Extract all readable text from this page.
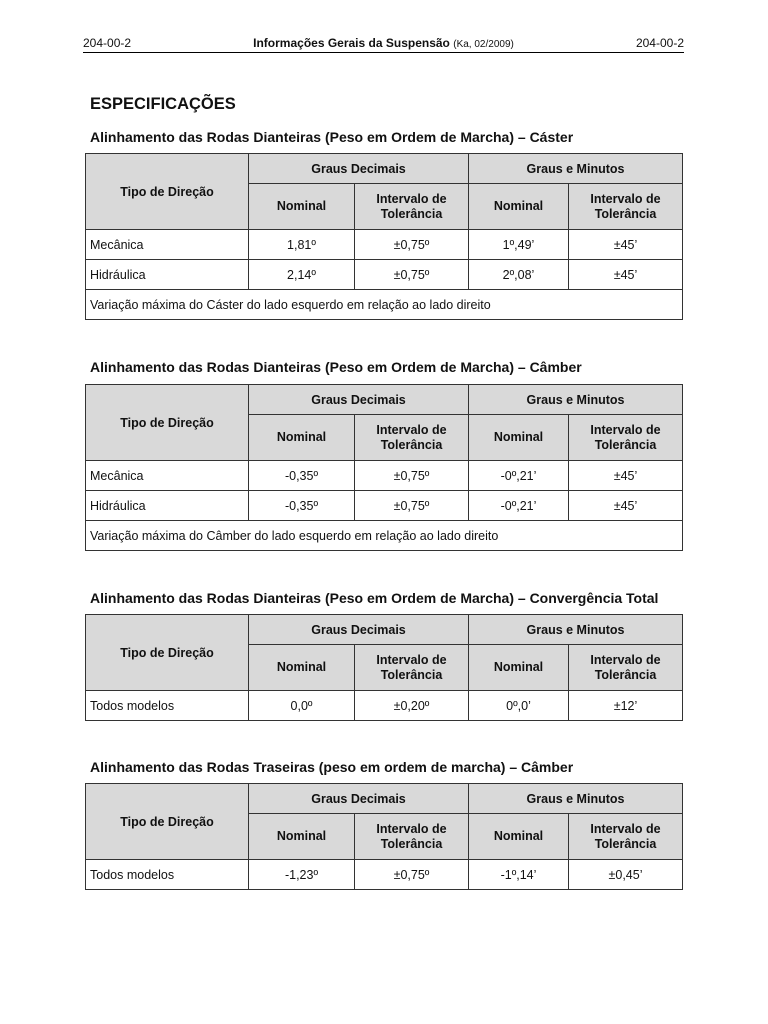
204-00-2	Informações Gerais da Suspensão (Ka, 02/2009)	204-00-2
ESPECIFICAÇÕES
Alinhamento das Rodas Dianteiras (Peso em Ordem de Marcha) – Cáster
Tipo de Direção	Graus Decimais		Graus e Minutos	
	Nominal	Intervalo de Tolerância	Nominal	Intervalo de Tolerância
Mecânica	1,81º	±0,75º	1º,49’	±45’
Hidráulica	2,14º	±0,75º	2º,08’	±45’
Variação máxima do Cáster do lado esquerdo em relação ao lado direito				
Alinhamento das Rodas Dianteiras (Peso em Ordem de Marcha) – Câmber
Tipo de Direção	Graus Decimais		Graus e Minutos	
	Nominal	Intervalo de Tolerância	Nominal	Intervalo de Tolerância
Mecânica	-0,35º	±0,75º	-0º,21’	±45’
Hidráulica	-0,35º	±0,75º	-0º,21’	±45’
Variação máxima do Câmber do lado esquerdo em relação ao lado direito				
Alinhamento das Rodas Dianteiras (Peso em Ordem de Marcha) – Convergência Total
Tipo de Direção	Graus Decimais		Graus e Minutos	
	Nominal	Intervalo de Tolerância	Nominal	Intervalo de Tolerância
Todos modelos	0,0º	±0,20º	0º,0’	±12’
Alinhamento das Rodas Traseiras (peso em ordem de marcha) – Câmber
Tipo de Direção	Graus Decimais		Graus e Minutos	
	Nominal	Intervalo de Tolerância	Nominal	Intervalo de Tolerância
Todos modelos	-1,23º	±0,75º	-1º,14’	±0,45’
